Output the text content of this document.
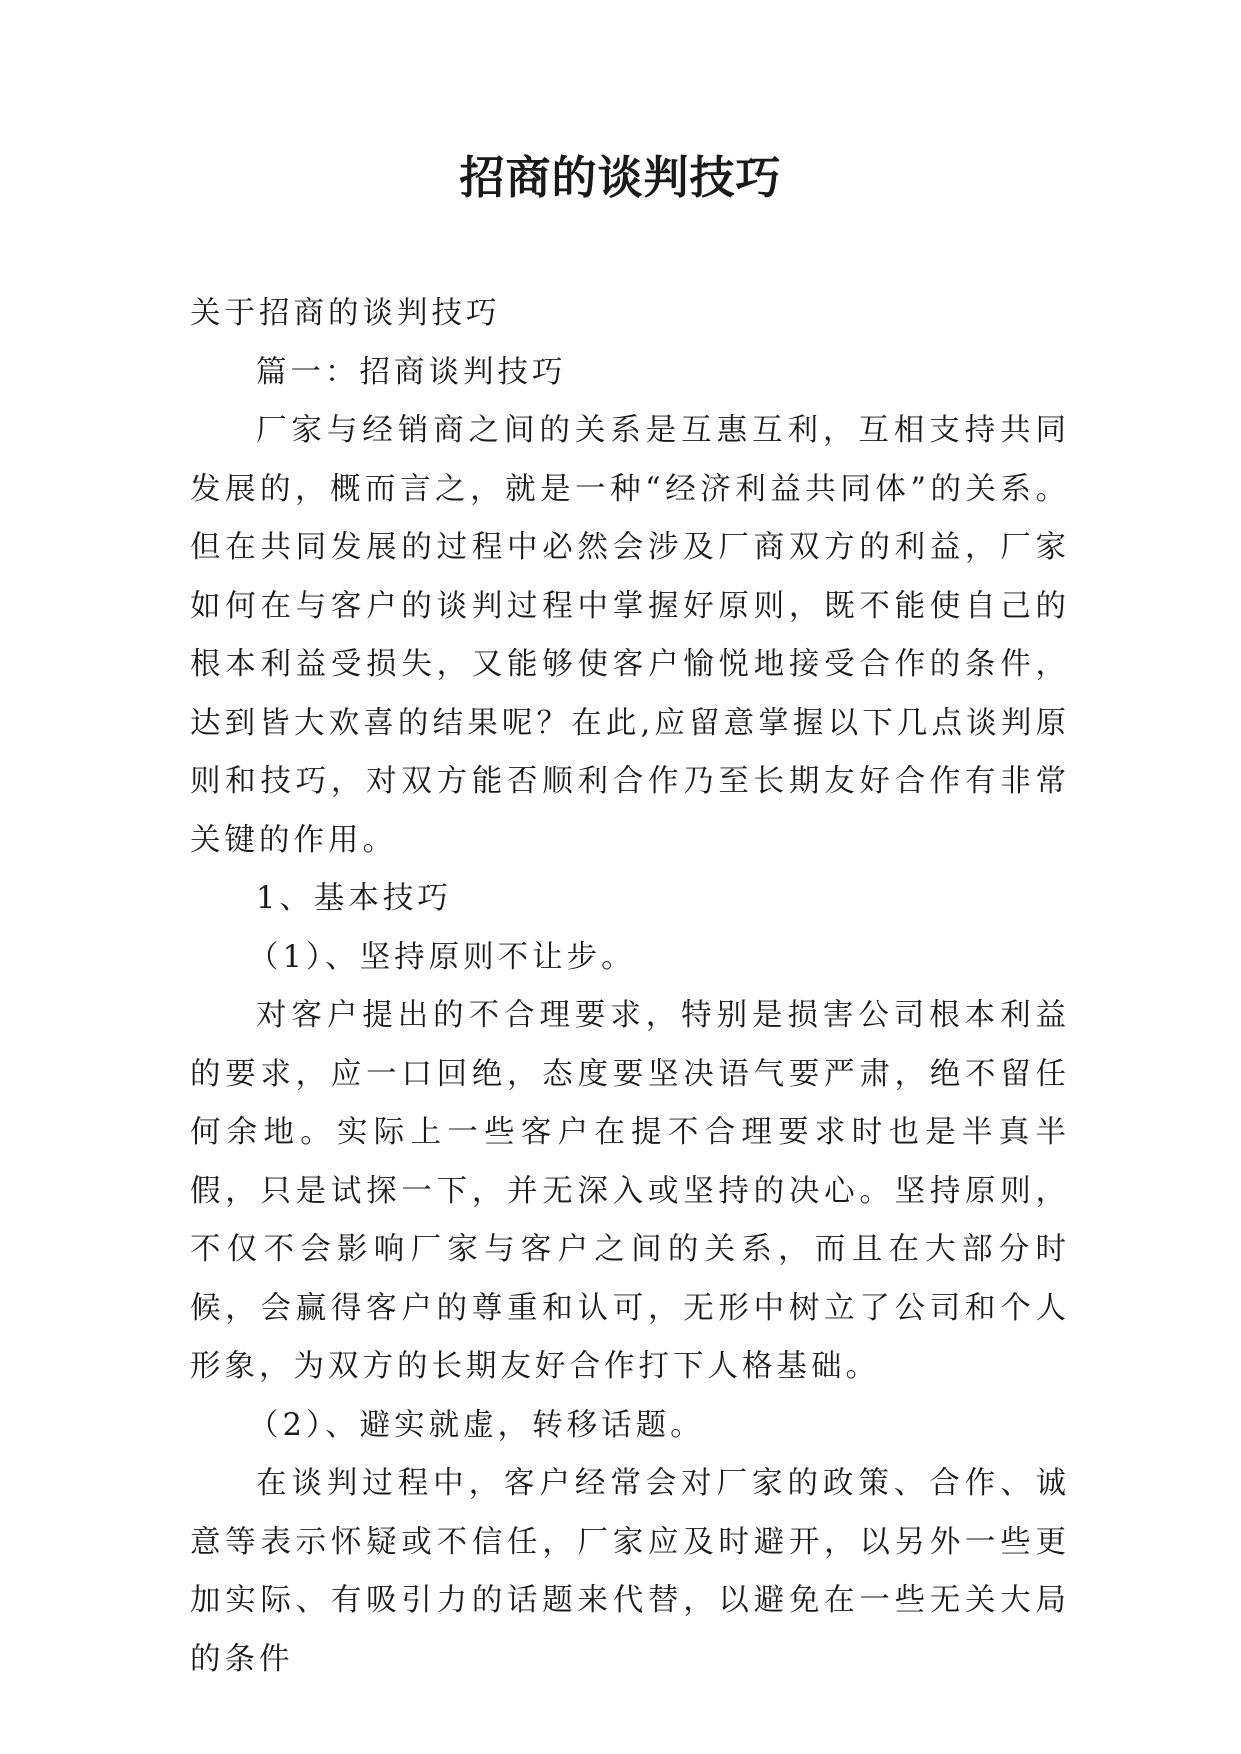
招商的谈判技巧

关于招商的谈判技巧

篇一：招商谈判技巧

厂家与经销商之间的关系是互惠互利，互相支持共同发展的，概而言之，就是一种“经济利益共同体”的关系。但在共同发展的过程中必然会涉及厂商双方的利益，厂家如何在与客户的谈判过程中掌握好原则，既不能使自己的根本利益受损失，又能够使客户愉悦地接受合作的条件，达到皆大欢喜的结果呢？在此,应留意掌握以下几点谈判原则和技巧，对双方能否顺利合作乃至长期友好合作有非常关键的作用。

1、基本技巧

（1）、坚持原则不让步。

对客户提出的不合理要求，特别是损害公司根本利益的要求，应一口回绝，态度要坚决语气要严肃，绝不留任何余地。实际上一些客户在提不合理要求时也是半真半假，只是试探一下，并无深入或坚持的决心。坚持原则，不仅不会影响厂家与客户之间的关系，而且在大部分时候，会赢得客户的尊重和认可，无形中树立了公司和个人形象，为双方的长期友好合作打下人格基础。

（2）、避实就虚，转移话题。

在谈判过程中，客户经常会对厂家的政策、合作、诚意等表示怀疑或不信任，厂家应及时避开，以另外一些更加实际、有吸引力的话题来代替，以避免在一些无关大局的条件
